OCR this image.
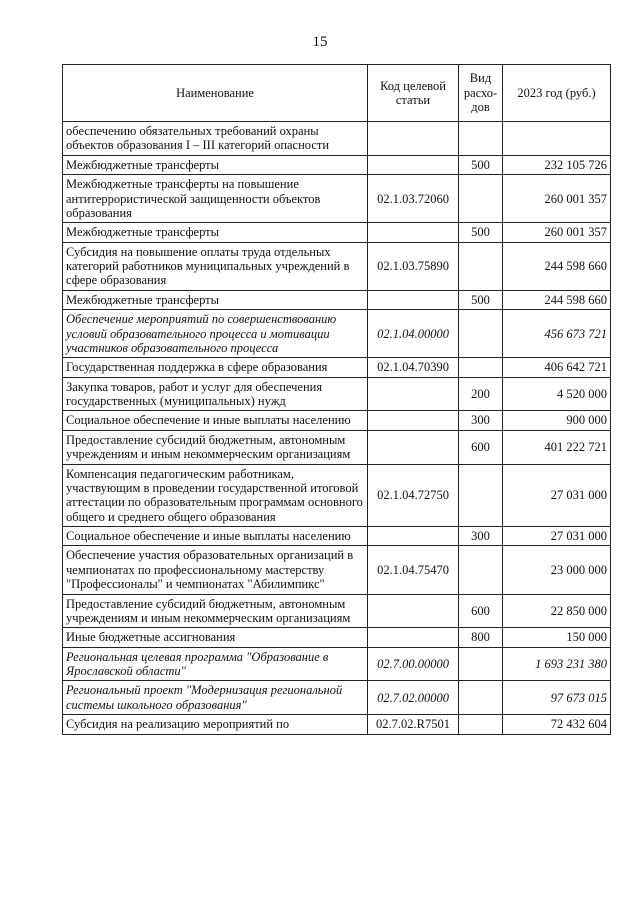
15
Наименование	Код целевой статьи	Вид расхо-дов	2023 год (руб.)
обеспечению обязательных требований охраны объектов образования I – III категорий опасности			
Межбюджетные трансферты		500	232 105 726
Межбюджетные трансферты на повышение антитеррористической защищенности объектов образования	02.1.03.72060		260 001 357
Межбюджетные трансферты		500	260 001 357
Субсидия на повышение оплаты труда отдельных категорий работников муниципальных учреждений в сфере образования	02.1.03.75890		244 598 660
Межбюджетные трансферты		500	244 598 660
Обеспечение мероприятий по совершенствованию условий образовательного процесса и мотивации участников образовательного процесса	02.1.04.00000		456 673 721
Государственная поддержка в сфере образования	02.1.04.70390		406 642 721
Закупка товаров, работ и услуг для обеспечения государственных (муниципальных) нужд		200	4 520 000
Социальное обеспечение и иные выплаты населению		300	900 000
Предоставление субсидий бюджетным, автономным учреждениям и иным некоммерческим организациям		600	401 222 721
Компенсация педагогическим работникам, участвующим в проведении государственной итоговой аттестации по образовательным программам основного общего и среднего общего образования	02.1.04.72750		27 031 000
Социальное обеспечение и иные выплаты населению		300	27 031 000
Обеспечение участия образовательных организаций в чемпионатах по профессиональному мастерству "Профессионалы" и чемпионатах "Абилимпикс"	02.1.04.75470		23 000 000
Предоставление субсидий бюджетным, автономным учреждениям и иным некоммерческим организациям		600	22 850 000
Иные бюджетные ассигнования		800	150 000
Региональная целевая программа "Образование в Ярославской области"	02.7.00.00000		1 693 231 380
Региональный проект "Модернизация региональной системы школьного образования"	02.7.02.00000		97 673 015
Субсидия на реализацию мероприятий по	02.7.02.R7501		72 432 604
